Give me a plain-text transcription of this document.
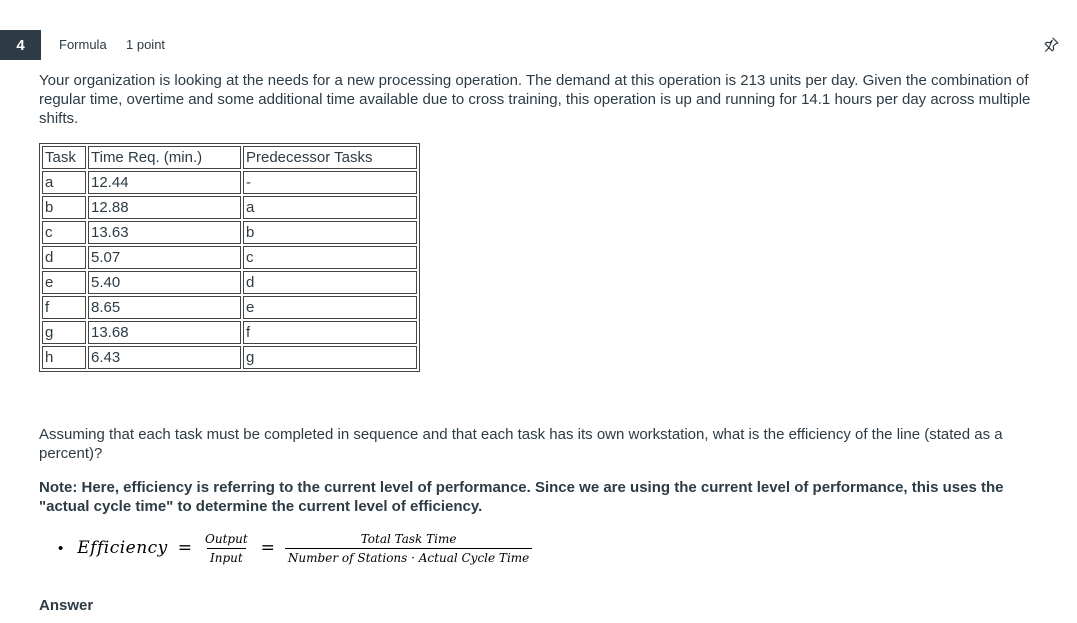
4	Formula 1 point
Your organization is looking at the needs for a new processing operation. The demand at this operation is 213 units per day. Given the combination of regular time, overtime and some additional time available due to cross training, this operation is up and running for 14.1 hours per day across multiple shifts.
Task	Time Req. (min.)	Predecessor Tasks
a	12.44	-
b	12.88	a
c	13.63	b
d	5.07	c
e	5.40	d
f	8.65	e
g	13.68	f
h	6.43	g
Assuming that each task must be completed in sequence and that each task has its own workstation, what is the efficiency of the line (stated as a percent)?
Note: Here, efficiency is referring to the current level of performance. Since we are using the current level of performance, this uses the "actual cycle time" to determine the current level of efficiency.
• Efficiency = $\frac{\text{Output}}{\text{Input}} = \frac{\text{Total Task Time}}{\text{Number of Stations · Actual Cycle Time}}$
Answer
